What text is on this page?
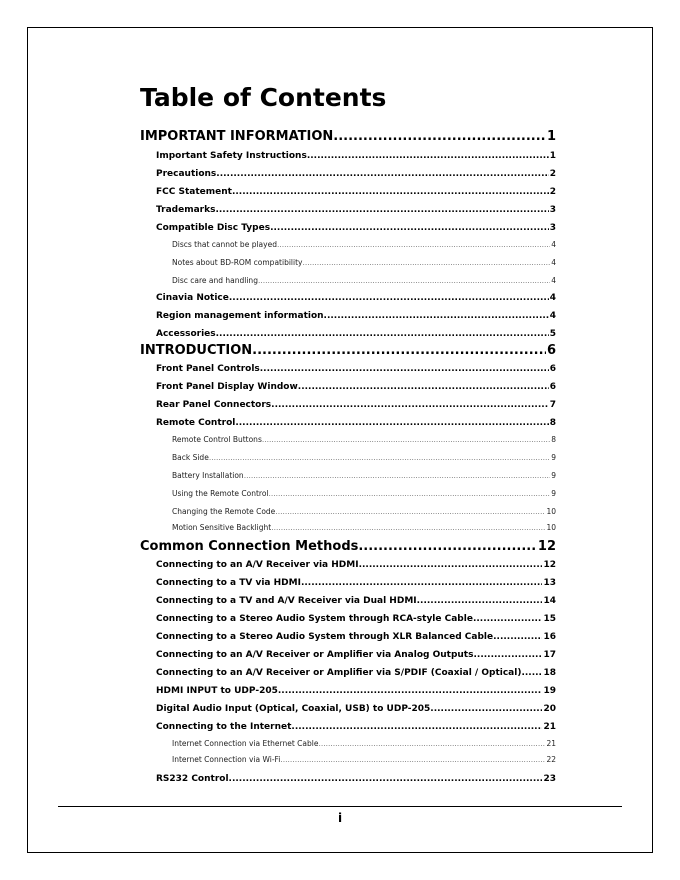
Table of Contents
IMPORTANT INFORMATION .....	1
Important Safety Instructions .....	1
Precautions .....	2
FCC Statement .....	2
Trademarks .....	3
Compatible Disc Types .....	3
Discs that cannot be played .....	4
Notes about BD-ROM compatibility .....	4
Disc care and handling .....	4
Cinavia Notice .....	4
Region management information .....	4
Accessories .....	5
INTRODUCTION .....	6
Front Panel Controls .....	6
Front Panel Display Window .....	6
Rear Panel Connectors .....	7
Remote Control .....	8
Remote Control Buttons .....	8
Back Side .....	9
Battery Installation .....	9
Using the Remote Control .....	9
Changing the Remote Code .....	10
Motion Sensitive Backlight .....	10
Common Connection Methods .....	12
Connecting to an A/V Receiver via HDMI .....	12
Connecting to a TV via HDMI .....	13
Connecting to a TV and A/V Receiver via Dual HDMI .....	14
Connecting to a Stereo Audio System through RCA-style Cable .....	15
Connecting to a Stereo Audio System through XLR Balanced Cable .....	16
Connecting to an A/V Receiver or Amplifier via Analog Outputs .....	17
Connecting to an A/V Receiver or Amplifier via S/PDIF (Coaxial / Optical) ..... 18
HDMI INPUT to UDP-205 .....	19
Digital Audio Input (Optical, Coaxial, USB) to UDP-205 .....	20
Connecting to the Internet .....	21
Internet Connection via Ethernet Cable .....	21
Internet Connection via Wi-Fi .....	22
RS232 Control .....	23
i
